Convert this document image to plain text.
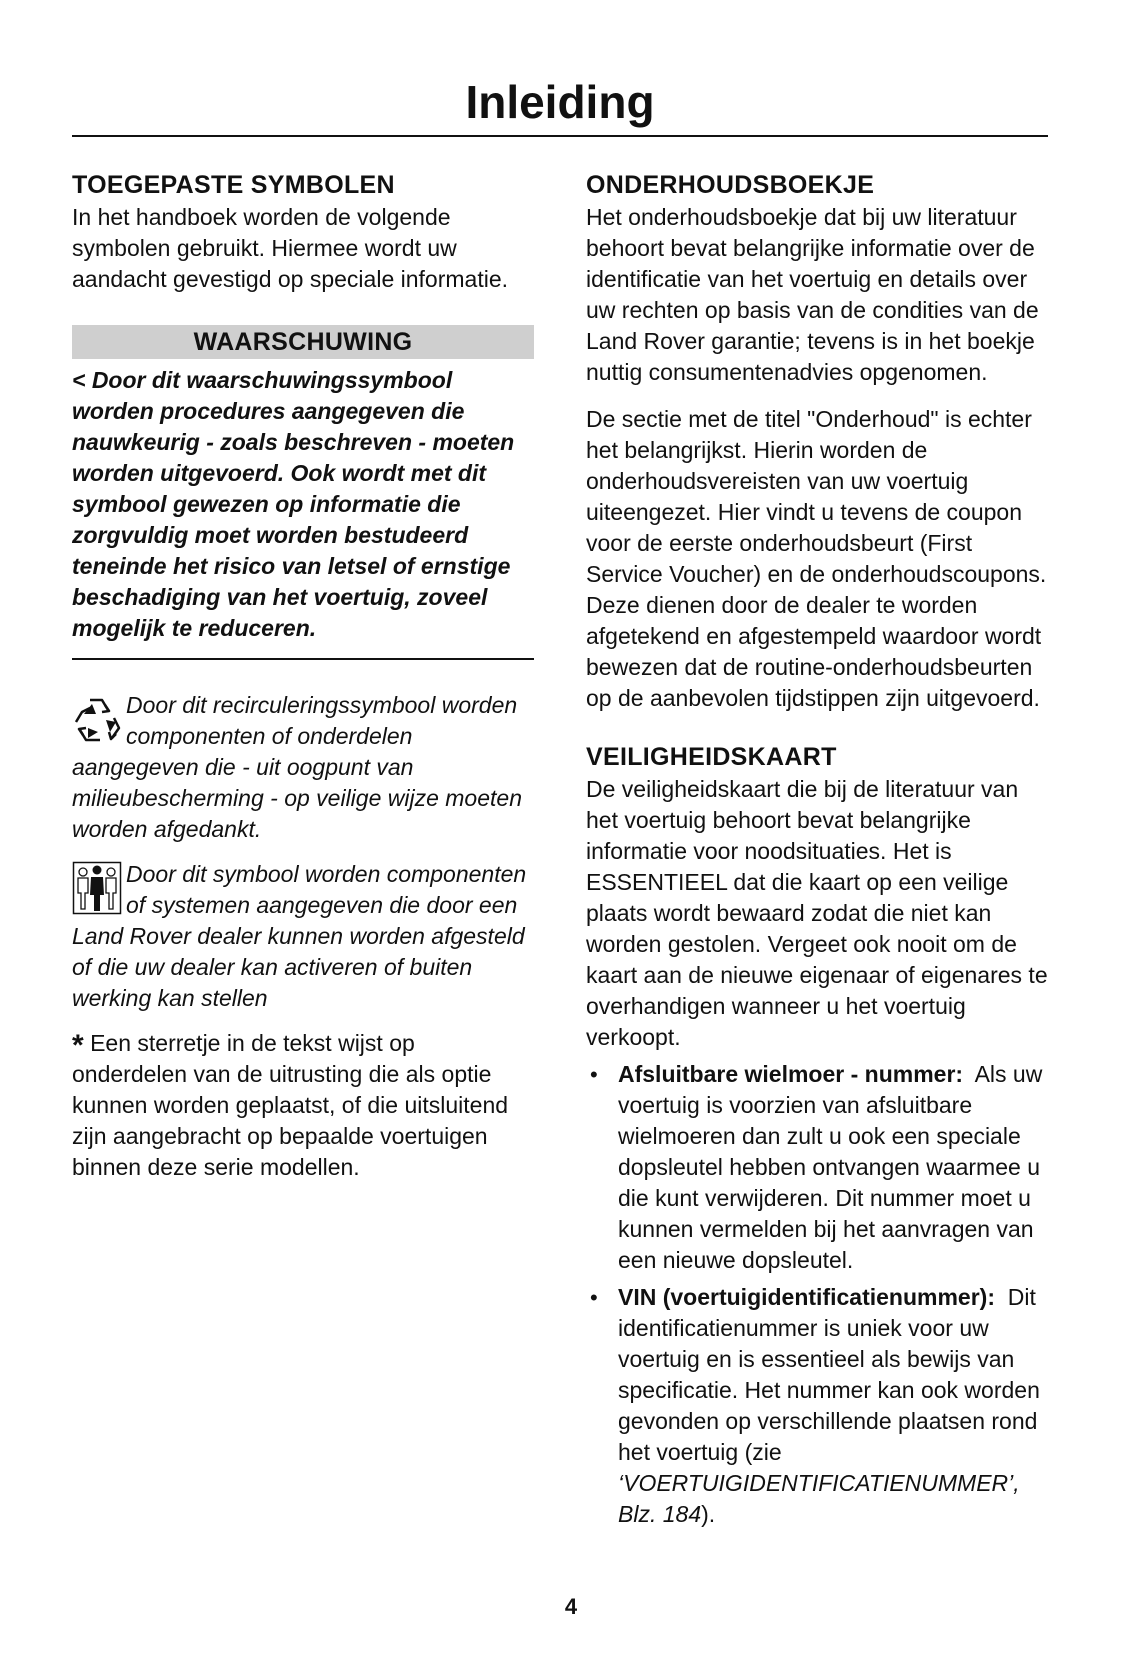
Inleiding
TOEGEPASTE SYMBOLEN

In het handboek worden de volgende symbolen gebruikt. Hiermee wordt uw aandacht gevestigd op speciale informatie.

WAARSCHUWING

< Door dit waarschuwingssymbool worden procedures aangegeven die nauwkeurig - zoals beschreven - moeten worden uitgevoerd. Ook wordt met dit symbool gewezen op informatie die zorgvuldig moet worden bestudeerd teneinde het risico van letsel of ernstige beschadiging van het voertuig, zoveel mogelijk te reduceren.

Door dit recirculeringssymbool worden componenten of onderdelen aangegeven die - uit oogpunt van milieubescherming - op veilige wijze moeten worden afgedankt.
Door dit symbool worden componenten of systemen aangegeven die door een Land Rover dealer kunnen worden afgesteld of die uw dealer kan activeren of buiten werking kan stellen

* Een sterretje in de tekst wijst op onderdelen van de uitrusting die als optie kunnen worden geplaatst, of die uitsluitend zijn aangebracht op bepaalde voertuigen binnen deze serie modellen.

ONDERHOUDSBOEKJE

Het onderhoudsboekje dat bij uw literatuur behoort bevat belangrijke informatie over de identificatie van het voertuig en details over uw rechten op basis van de condities van de Land Rover garantie; tevens is in het boekje nuttig consumentenadvies opgenomen.

De sectie met de titel "Onderhoud" is echter het belangrijkst. Hierin worden de onderhoudsvereisten van uw voertuig uiteengezet. Hier vindt u tevens de coupon voor de eerste onderhoudsbeurt (First Service Voucher) en de onderhoudscoupons. Deze dienen door de dealer te worden afgetekend en afgestempeld waardoor wordt bewezen dat de routine-onderhoudsbeurten op de aanbevolen tijdstippen zijn uitgevoerd.

VEILIGHEIDSKAART

De veiligheidskaart die bij de literatuur van het voertuig behoort bevat belangrijke informatie voor noodsituaties. Het is ESSENTIEEL dat die kaart op een veilige plaats wordt bewaard zodat die niet kan worden gestolen. Vergeet ook nooit om de kaart aan de nieuwe eigenaar of eigenares te overhandigen wanneer u het voertuig verkoopt.

• Afsluitbare wielmoer - nummer: Als uw voertuig is voorzien van afsluitbare wielmoeren dan zult u ook een speciale dopsleutel hebben ontvangen waarmee u die kunt verwijderen. Dit nummer moet u kunnen vermelden bij het aanvragen van een nieuwe dopsleutel.
• VIN (voertuigidentificatienummer): Dit identificatienummer is uniek voor uw voertuig en is essentieel als bewijs van specificatie. Het nummer kan ook worden gevonden op verschillende plaatsen rond het voertuig (zie ‘VOERTUIGIDENTIFICATIENUMMER’, Blz. 184).
4
